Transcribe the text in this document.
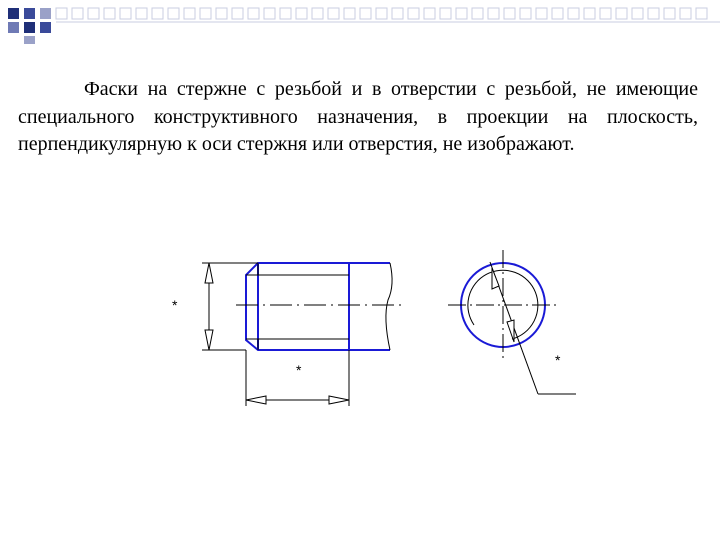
Фаски на стержне с резьбой и в отверстии с резьбой, не имеющие специального конструктивного назначения, в проекции на плоскость, перпендикулярную к оси стержня или отверстия, не изображают.

*
*
*
